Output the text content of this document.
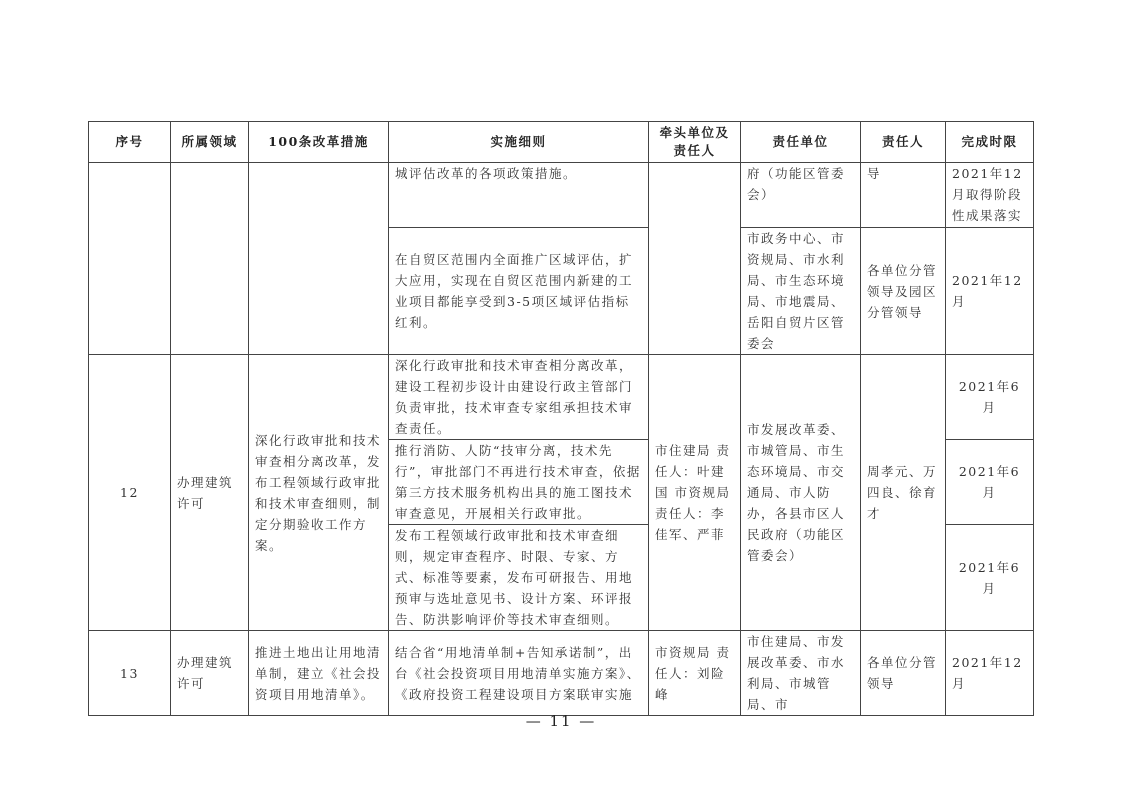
序号	所属领域	100条改革措施	实施细则	牵头单位及责任人	责任单位	责任人	完成时限
			城评估改革的各项政策措施。		府（功能区管委会）	导	2021年12月取得阶段性成果落实
			在自贸区范围内全面推广区域评估，扩大应用，实现在自贸区范围内新建的工业项目都能享受到3-5项区域评估指标红利。		市政务中心、市资规局、市水利局、市生态环境局、市地震局、岳阳自贸片区管委会	各单位分管领导及园区分管领导	2021年12月
12	办理建筑许可	深化行政审批和技术审查相分离改革，发布工程领域行政审批和技术审查细则，制定分期验收工作方案。	深化行政审批和技术审查相分离改革，建设工程初步设计由建设行政主管部门负责审批，技术审查专家组承担技术审查责任。	市住建局 责任人：叶建国 市资规局 责任人：李佳军、严菲	市发展改革委、市城管局、市生态环境局、市交通局、市人防办，各县市区人民政府（功能区管委会）	周孝元、万四良、徐育才	2021年6月
			推行消防、人防“技审分离，技术先行”，审批部门不再进行技术审查，依据第三方技术服务机构出具的施工图技术审查意见，开展相关行政审批。				2021年6月
			发布工程领域行政审批和技术审查细则，规定审查程序、时限、专家、方式、标准等要素，发布可研报告、用地预审与选址意见书、设计方案、环评报告、防洪影响评价等技术审查细则。				2021年6月
13	办理建筑许可	推进土地出让用地清单制，建立《社会投资项目用地清单》。	结合省“用地清单制+告知承诺制”，出台《社会投资项目用地清单实施方案》、《政府投资工程建设项目方案联审实施	市资规局 责任人：刘险峰	市住建局、市发展改革委、市水利局、市城管局、市	各单位分管领导	2021年12月
— 11 —
